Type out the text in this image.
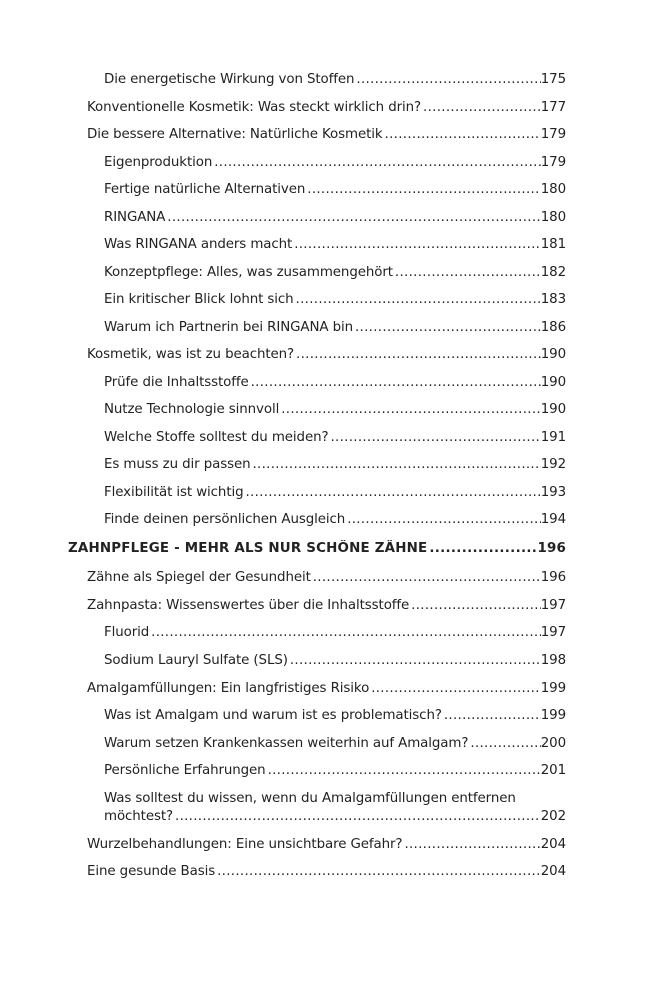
Die energetische Wirkung von Stoffen .....	175
Konventionelle Kosmetik: Was steckt wirklich drin? .....	177
Die bessere Alternative: Natürliche Kosmetik .....	179
Eigenproduktion .....	179
Fertige natürliche Alternativen .....	180
RINGANA .....	180
Was RINGANA anders macht .....	181
Konzeptpflege: Alles, was zusammengehört .....	182
Ein kritischer Blick lohnt sich .....	183
Warum ich Partnerin bei RINGANA bin .....	186
Kosmetik, was ist zu beachten? .....	190
Prüfe die Inhaltsstoffe .....	190
Nutze Technologie sinnvoll .....	190
Welche Stoffe solltest du meiden? .....	191
Es muss zu dir passen .....	192
Flexibilität ist wichtig .....	193
Finde deinen persönlichen Ausgleich .....	194
ZAHNPFLEGE - MEHR ALS NUR SCHÖNE ZÄHNE .....	196
Zähne als Spiegel der Gesundheit .....	196
Zahnpasta: Wissenswertes über die Inhaltsstoffe .....	197
Fluorid .....	197
Sodium Lauryl Sulfate (SLS) .....	198
Amalgamfüllungen: Ein langfristiges Risiko .....	199
Was ist Amalgam und warum ist es problematisch? .....	199
Warum setzen Krankenkassen weiterhin auf Amalgam? .....	200
Persönliche Erfahrungen .....	201
Was solltest du wissen, wenn du Amalgamfüllungen entfernen
möchtest? .....	202
Wurzelbehandlungen: Eine unsichtbare Gefahr? .....	204
Eine gesunde Basis .....	204
